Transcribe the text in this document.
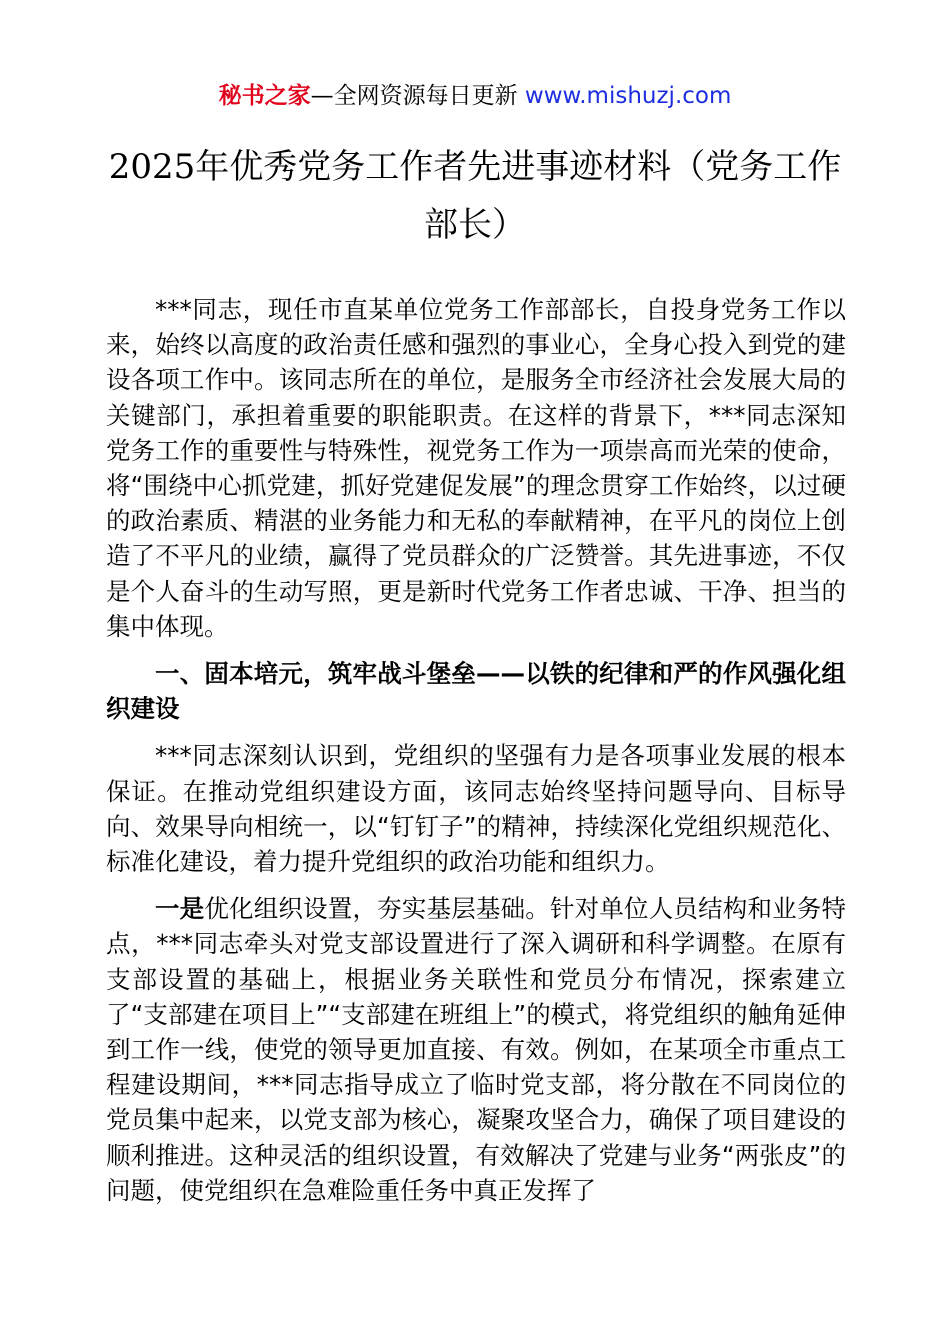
秘书之家—全网资源每日更新 www.mishuzj.com
2025年优秀党务工作者先进事迹材料（党务工作部长）

***同志，现任市直某单位党务工作部部长，自投身党务工作以来，始终以高度的政治责任感和强烈的事业心，全身心投入到党的建设各项工作中。该同志所在的单位，是服务全市经济社会发展大局的关键部门，承担着重要的职能职责。在这样的背景下，***同志深知党务工作的重要性与特殊性，视党务工作为一项崇高而光荣的使命，将“围绕中心抓党建，抓好党建促发展”的理念贯穿工作始终，以过硬的政治素质、精湛的业务能力和无私的奉献精神，在平凡的岗位上创造了不平凡的业绩，赢得了党员群众的广泛赞誉。其先进事迹，不仅是个人奋斗的生动写照，更是新时代党务工作者忠诚、干净、担当的集中体现。

一、固本培元，筑牢战斗堡垒——以铁的纪律和严的作风强化组织建设

***同志深刻认识到，党组织的坚强有力是各项事业发展的根本保证。在推动党组织建设方面，该同志始终坚持问题导向、目标导向、效果导向相统一，以“钉钉子”的精神，持续深化党组织规范化、标准化建设，着力提升党组织的政治功能和组织力。

一是优化组织设置，夯实基层基础。针对单位人员结构和业务特点，***同志牵头对党支部设置进行了深入调研和科学调整。在原有支部设置的基础上，根据业务关联性和党员分布情况，探索建立了“支部建在项目上”“支部建在班组上”的模式，将党组织的触角延伸到工作一线，使党的领导更加直接、有效。例如，在某项全市重点工程建设期间，***同志指导成立了临时党支部，将分散在不同岗位的党员集中起来，以党支部为核心，凝聚攻坚合力，确保了项目建设的顺利推进。这种灵活的组织设置，有效解决了党建与业务“两张皮”的问题，使党组织在急难险重任务中真正发挥了
